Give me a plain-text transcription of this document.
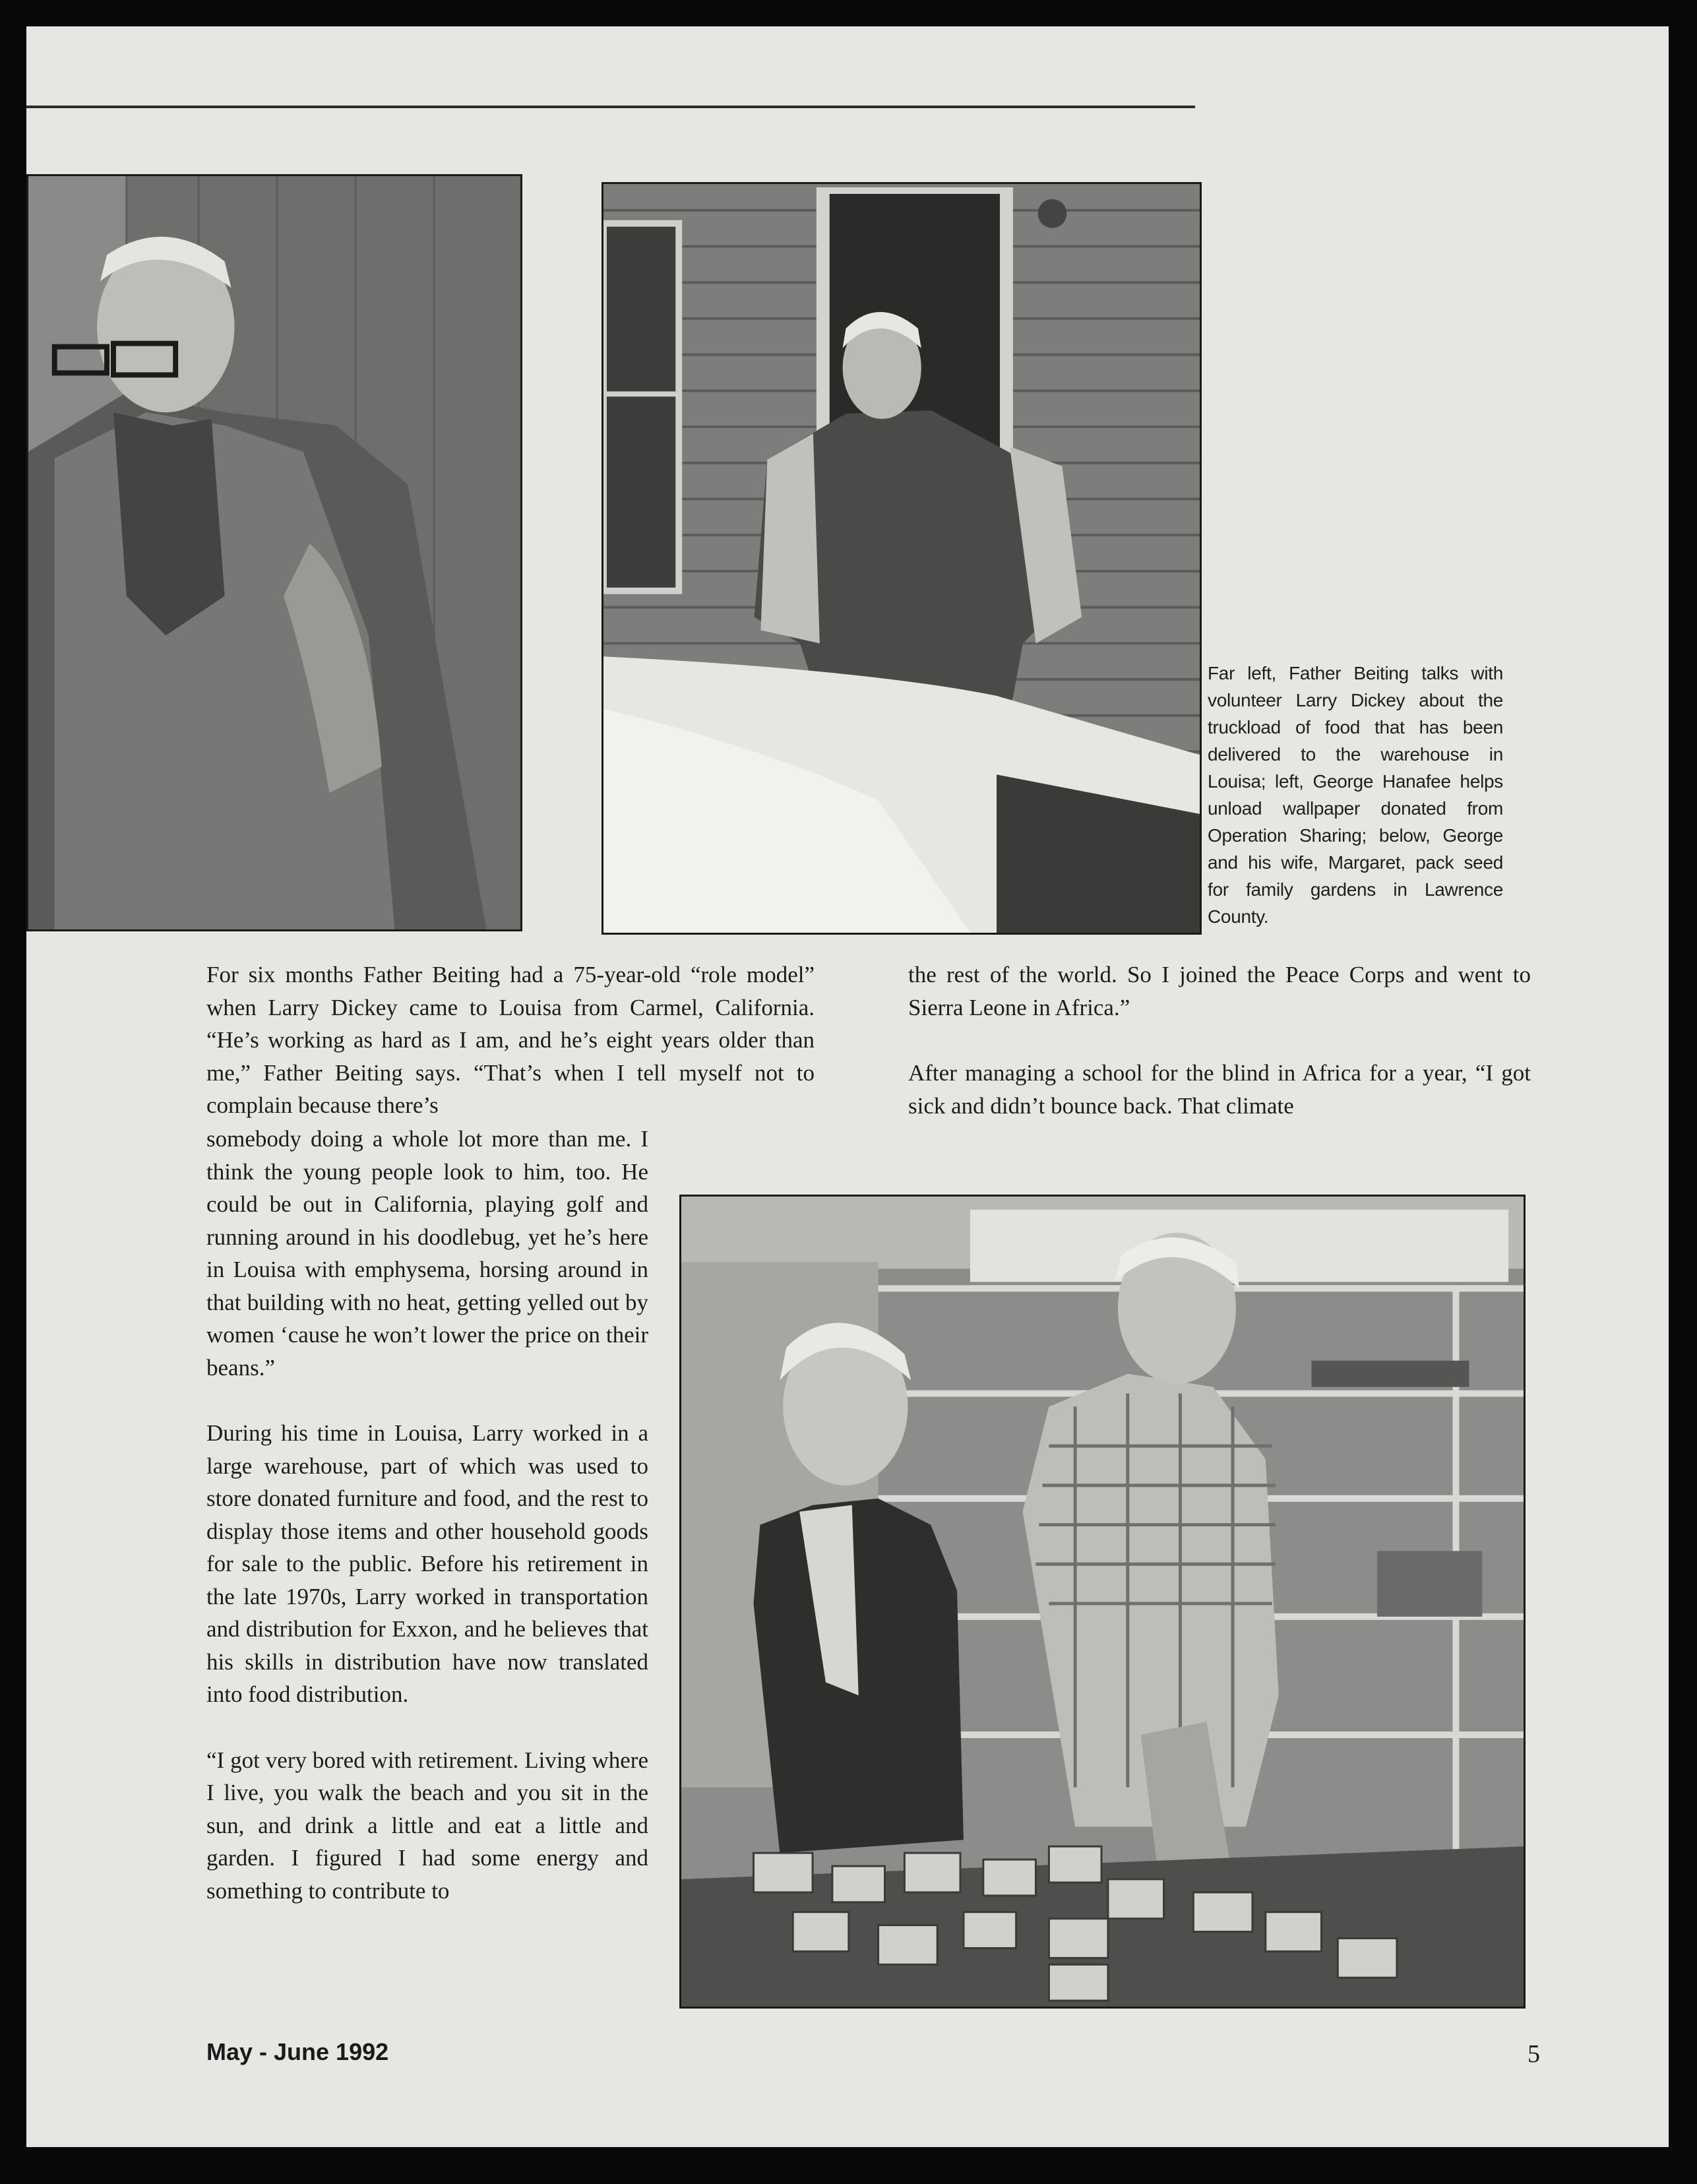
Far left, Father Beiting talks with volunteer Larry Dickey about the truckload of food that has been delivered to the warehouse in Louisa; left, George Hanafee helps unload wallpaper donated from Operation Sharing; below, George and his wife, Margaret, pack seed for family gardens in Lawrence County.

For six months Father Beiting had a 75-year-old “role model” when Larry Dickey came to Louisa from Carmel, California. “He’s working as hard as I am, and he’s eight years older than me,” Father Beiting says. “That’s when I tell myself not to complain because there’s

somebody doing a whole lot more than me. I think the young people look to him, too. He could be out in California, playing golf and running around in his doodlebug, yet he’s here in Louisa with emphysema, horsing around in that building with no heat, getting yelled out by women ‘cause he won’t lower the price on their beans.”

During his time in Louisa, Larry worked in a large warehouse, part of which was used to store donated furniture and food, and the rest to display those items and other household goods for sale to the public. Before his retirement in the late 1970s, Larry worked in transportation and distribution for Exxon, and he believes that his skills in distribution have now translated into food distribution.

“I got very bored with retirement. Living where I live, you walk the beach and you sit in the sun, and drink a little and eat a little and garden. I figured I had some energy and something to contribute to

the rest of the world. So I joined the Peace Corps and went to Sierra Leone in Africa.”

After managing a school for the blind in Africa for a year, “I got sick and didn’t bounce back. That climate

May - June 1992	5
